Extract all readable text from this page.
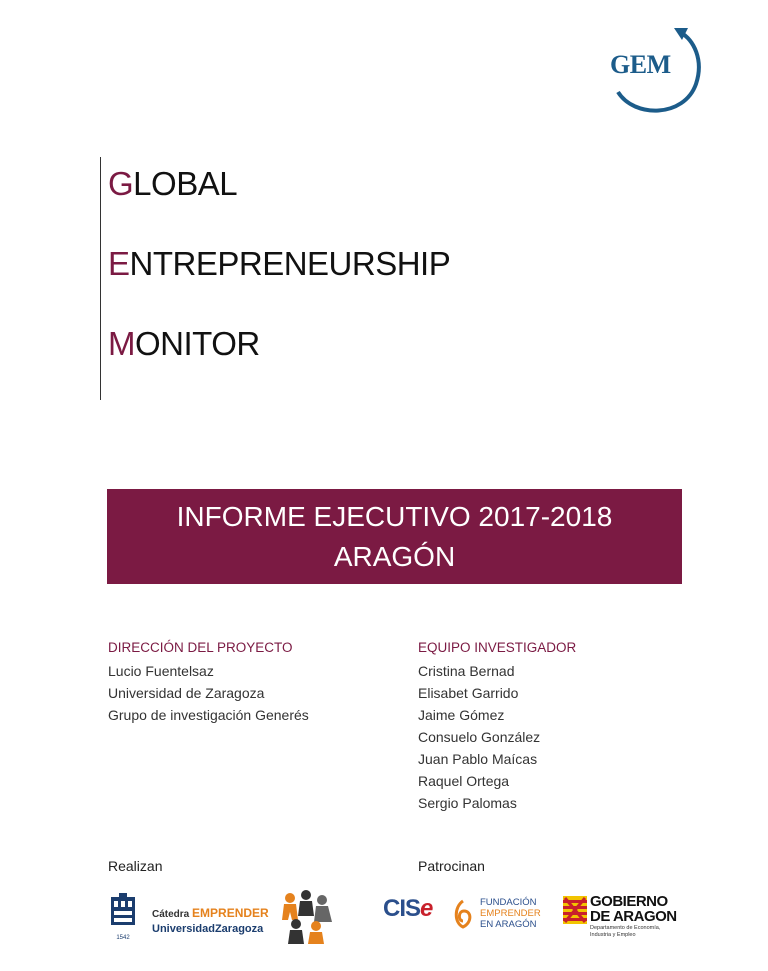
GEM
GLOBAL
ENTREPRENEURSHIP
MONITOR
INFORME EJECUTIVO 2017-2018
ARAGÓN
DIRECCIÓN DEL PROYECTO
Lucio Fuentelsaz
Universidad de Zaragoza
Grupo de investigación Generés
EQUIPO INVESTIGADOR
Cristina Bernad
Elisabet Garrido
Jaime Gómez
Consuelo González
Juan Pablo Maícas
Raquel Ortega
Sergio Palomas
Realizan
1542
Cátedra EMPRENDER
UniversidadZaragoza
Patrocinan
CISe	FUNDACIÓN
EMPRENDER
EN ARAGÓN
GOBIERNO
DE ARAGON
Departamento de Economía,
Industria y Empleo
